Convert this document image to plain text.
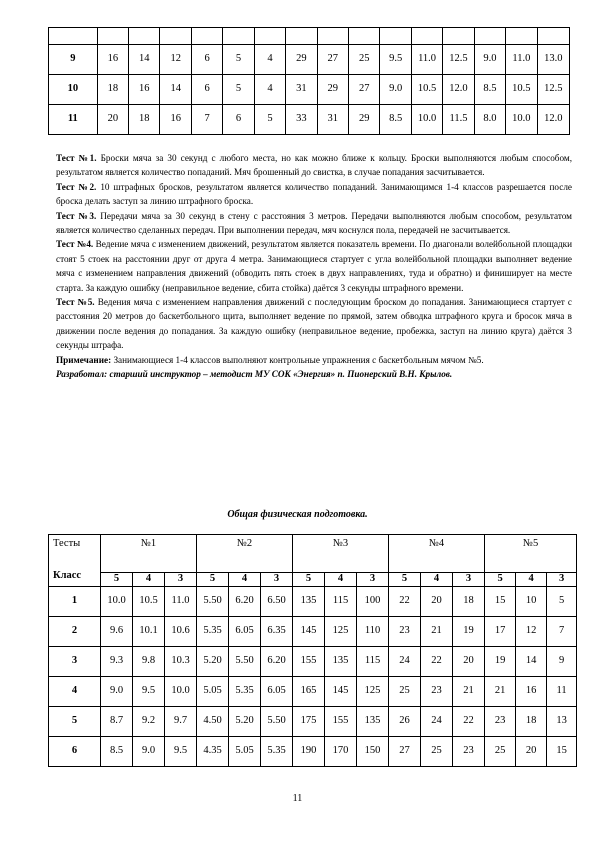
9	16	14	12	6	5	4	29	27	25	9.5	11.0	12.5	9.0	11.0	13.0
10	18	16	14	6	5	4	31	29	27	9.0	10.5	12.0	8.5	10.5	12.5
11	20	18	16	7	6	5	33	31	29	8.5	10.0	11.5	8.0	10.0	12.0

Тест №1. Броски мяча за 30 секунд с любого места, но как можно ближе к кольцу. Броски выполняются любым способом, результатом является количество попаданий. Мяч брошенный до свистка, в случае попадания засчитывается.

Тест №2. 10 штрафных бросков, результатом является количество попаданий. Занимающимся 1-4 классов разрешается после броска делать заступ за линию штрафного броска.

Тест №3. Передачи мяча за 30 секунд в стену с расстояния 3 метров. Передачи выполняются любым способом, результатом является количество сделанных передач. При выполнении передач, мяч коснулся пола, передачей не засчитывается.

Тест №4. Ведение мяча с изменением движений, результатом является показатель времени. По диагонали волейбольной площадки стоят 5 стоек на расстоянии друг от друга 4 метра. Занимающиеся стартует с угла волейбольной площадки выполняет ведение мяча с изменением направления движений (обводить пять стоек в двух направлениях, туда и обратно) и финиширует на месте старта. За каждую ошибку (неправильное ведение, сбита стойка) даётся 3 секунды штрафного времени.

Тест №5. Ведения мяча с изменением направления движений с последующим броском до попадания. Занимающиеся стартует с расстояния 20 метров до баскетбольного щита, выполняет ведение по прямой, затем обводка штрафного круга и бросок мяча в движении после ведения до попадания. За каждую ошибку (неправильное ведение, пробежка, заступ на линию круга) даётся 3 секунды штрафа.

Примечание: Занимающиеся 1-4 классов выполняют контрольные упражнения с баскетбольным мячом №5.

Разработал: старший инструктор – методист МУ СОК «Энергия» п. Пионерский В.Н. Крылов.

Общая физическая подготовка.
Тесты
Класс	№1			№2			№3			№4			№5		
	5	4	3	5	4	3	5	4	3	5	4	3	5	4	3
1	10.0	10.5	11.0	5.50	6.20	6.50	135	115	100	22	20	18	15	10	5
2	9.6	10.1	10.6	5.35	6.05	6.35	145	125	110	23	21	19	17	12	7
3	9.3	9.8	10.3	5.20	5.50	6.20	155	135	115	24	22	20	19	14	9
4	9.0	9.5	10.0	5.05	5.35	6.05	165	145	125	25	23	21	21	16	11
5	8.7	9.2	9.7	4.50	5.20	5.50	175	155	135	26	24	22	23	18	13
6	8.5	9.0	9.5	4.35	5.05	5.35	190	170	150	27	25	23	25	20	15
11
